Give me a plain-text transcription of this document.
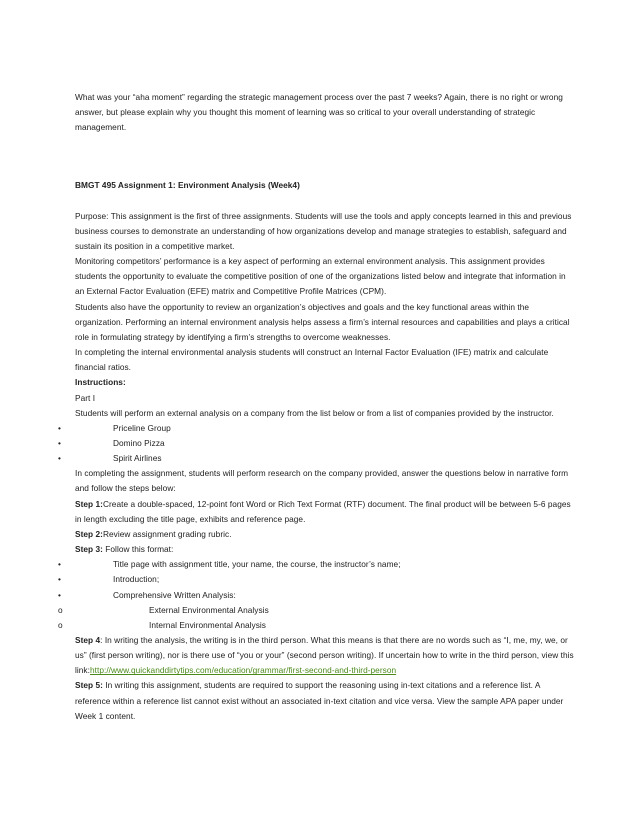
What was your “aha moment” regarding the strategic management process over the past 7 weeks? Again, there is no right or wrong answer, but please explain why you thought this moment of learning was so critical to your overall understanding of strategic management.

BMGT 495 Assignment 1: Environment Analysis (Week4)

Purpose: This assignment is the first of three assignments. Students will use the tools and apply concepts learned in this and previous business courses to demonstrate an understanding of how organizations develop and manage strategies to establish, safeguard and sustain its position in a competitive market.

Monitoring competitors’ performance is a key aspect of performing an external environment analysis. This assignment provides students the opportunity to evaluate the competitive position of one of the organizations listed below and integrate that information in an External Factor Evaluation (EFE) matrix and Competitive Profile Matrices (CPM).

Students also have the opportunity to review an organization’s objectives and goals and the key functional areas within the organization. Performing an internal environment analysis helps assess a firm’s internal resources and capabilities and plays a critical role in formulating strategy by identifying a firm’s strengths to overcome weaknesses.

In completing the internal environmental analysis students will construct an Internal Factor Evaluation (IFE) matrix and calculate financial ratios.

Instructions:

Part I

Students will perform an external analysis on a company from the list below or from a list of companies provided by the instructor.

•	Priceline Group

•	Domino Pizza

•	Spirit Airlines

In completing the assignment, students will perform research on the company provided, answer the questions below in narrative form and follow the steps below:

Step 1:Create a double-spaced, 12-point font Word or Rich Text Format (RTF) document. The final product will be between 5-6 pages in length excluding the title page, exhibits and reference page.

Step 2:Review assignment grading rubric.

Step 3: Follow this format:

•	Title page with assignment title, your name, the course, the instructor’s name;

•	Introduction;

•	Comprehensive Written Analysis:

o	External Environmental Analysis

o	Internal Environmental Analysis

Step 4: In writing the analysis, the writing is in the third person. What this means is that there are no words such as “I, me, my, we, or us” (first person writing), nor is there use of “you or your” (second person writing). If uncertain how to write in the third person, view this link:http://www.quickanddirtytips.com/education/grammar/first-second-and-third-person

Step 5: In writing this assignment, students are required to support the reasoning using in-text citations and a reference list. A reference within a reference list cannot exist without an associated in-text citation and vice versa. View the sample APA paper under Week 1 content.
